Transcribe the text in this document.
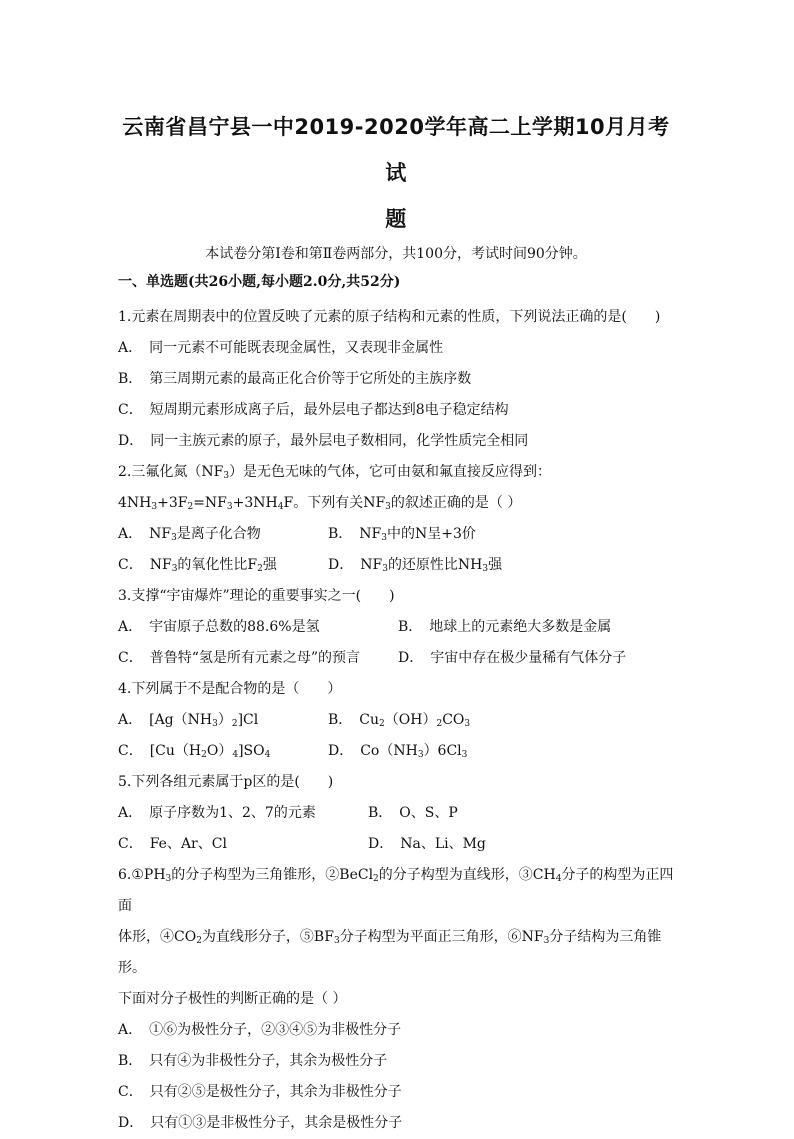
云南省昌宁县一中2019-2020学年高二上学期10月月考试
题
本试卷分第Ⅰ卷和第Ⅱ卷两部分，共100分，考试时间90分钟。
一、单选题(共26小题,每小题2.0分,共52分)

1.元素在周期表中的位置反映了元素的原子结构和元素的性质，下列说法正确的是(　　)

A．　同一元素不可能既表现金属性，又表现非金属性

B．　第三周期元素的最高正化合价等于它所处的主族序数

C．　短周期元素形成离子后，最外层电子都达到8电子稳定结构

D．　同一主族元素的原子，最外层电子数相同，化学性质完全相同

2.三氟化氮$(NF_3)$是无色无味的气体，它可由氨和氟直接反应得到：

$4NH_3+3F_2=NF_3+3NH_4F$。下列有关$NF_3$的叙述正确的是（ ）

A．　$NF_3$是离子化合物	B．　$NF_3$中的N呈+3价
C．　$NF_3$的氧化性比$F_2$强	D．　$NF_3$的还原性比$NH_3$强

3.支撑“宇宙爆炸”理论的重要事实之一(　　)

A．　宇宙原子总数的88.6%是氢	B．　地球上的元素绝大多数是金属
C．　普鲁特“氢是所有元素之母”的预言	D．　宇宙中存在极少量稀有气体分子

4.下列属于不是配合物的是（　　）

A．　$[Ag(NH_3)_2]Cl$	B．　$Cu_2(OH)_2CO_3$
C．　$[Cu(H_2O)_4]SO_4$	D．　$Co(NH_3)6Cl_3$

5.下列各组元素属于p区的是(　　)

A．　原子序数为1、2、7的元素	B．　O、S、P
C．　Fe、Ar、Cl	D．　Na、Li、Mg

$6.①PH_3$的分子构型为三角锥形，②BeCl$_2$的分子构型为直线形，$③CH_4$分子的构型为正四面

体形，$④CO_2$为直线形分子，$⑤BF_3$分子构型为平面正三角形，$⑥NF_3$分子结构为三角锥形。

下面对分子极性的判断正确的是（ ）

A．　①⑥为极性分子，②③④⑤为非极性分子

B．　只有④为非极性分子，其余为极性分子

C．　只有②⑤是极性分子，其余为非极性分子

D．　只有①③是非极性分子，其余是极性分子
